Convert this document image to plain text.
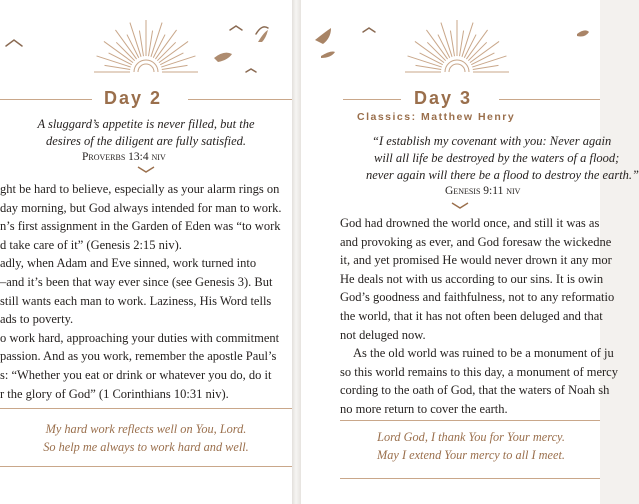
Day 2
A sluggard’s appetite is never filled, but the
desires of the diligent are fully satisfied.
Proverbs 13:4 niv

ght be hard to believe, especially as your alarm rings on

day morning, but God always intended for man to work.

n’s first assignment in the Garden of Eden was “to work

d take care of it” (Genesis 2:15 niv).

adly, when Adam and Eve sinned, work turned into

–and it’s been that way ever since (see Genesis 3). But

still wants each man to work. Laziness, His Word tells

ads to poverty.

o work hard, approaching your duties with commitment

passion. And as you work, remember the apostle Paul’s

s: “Whether you eat or drink or whatever you do, do it

r the glory of God” (1 Corinthians 10:31 niv).

My hard work reflects well on You, Lord.
So help me always to work hard and well.
Day 3
Classics: Matthew Henry
“I establish my covenant with you: Never again
will all life be destroyed by the waters of a flood;
never again will there be a flood to destroy the earth.”
Genesis 9:11 niv

God had drowned the world once, and still it was as

and provoking as ever, and God foresaw the wickedne

it, and yet promised He would never drown it any mor

He deals not with us according to our sins. It is owin

God’s goodness and faithfulness, not to any reformatio

the world, that it has not often been deluged and that

not deluged now.

As the old world was ruined to be a monument of ju

so this world remains to this day, a monument of mercy

cording to the oath of God, that the waters of Noah sh

no more return to cover the earth.

Lord God, I thank You for Your mercy.
May I extend Your mercy to all I meet.
